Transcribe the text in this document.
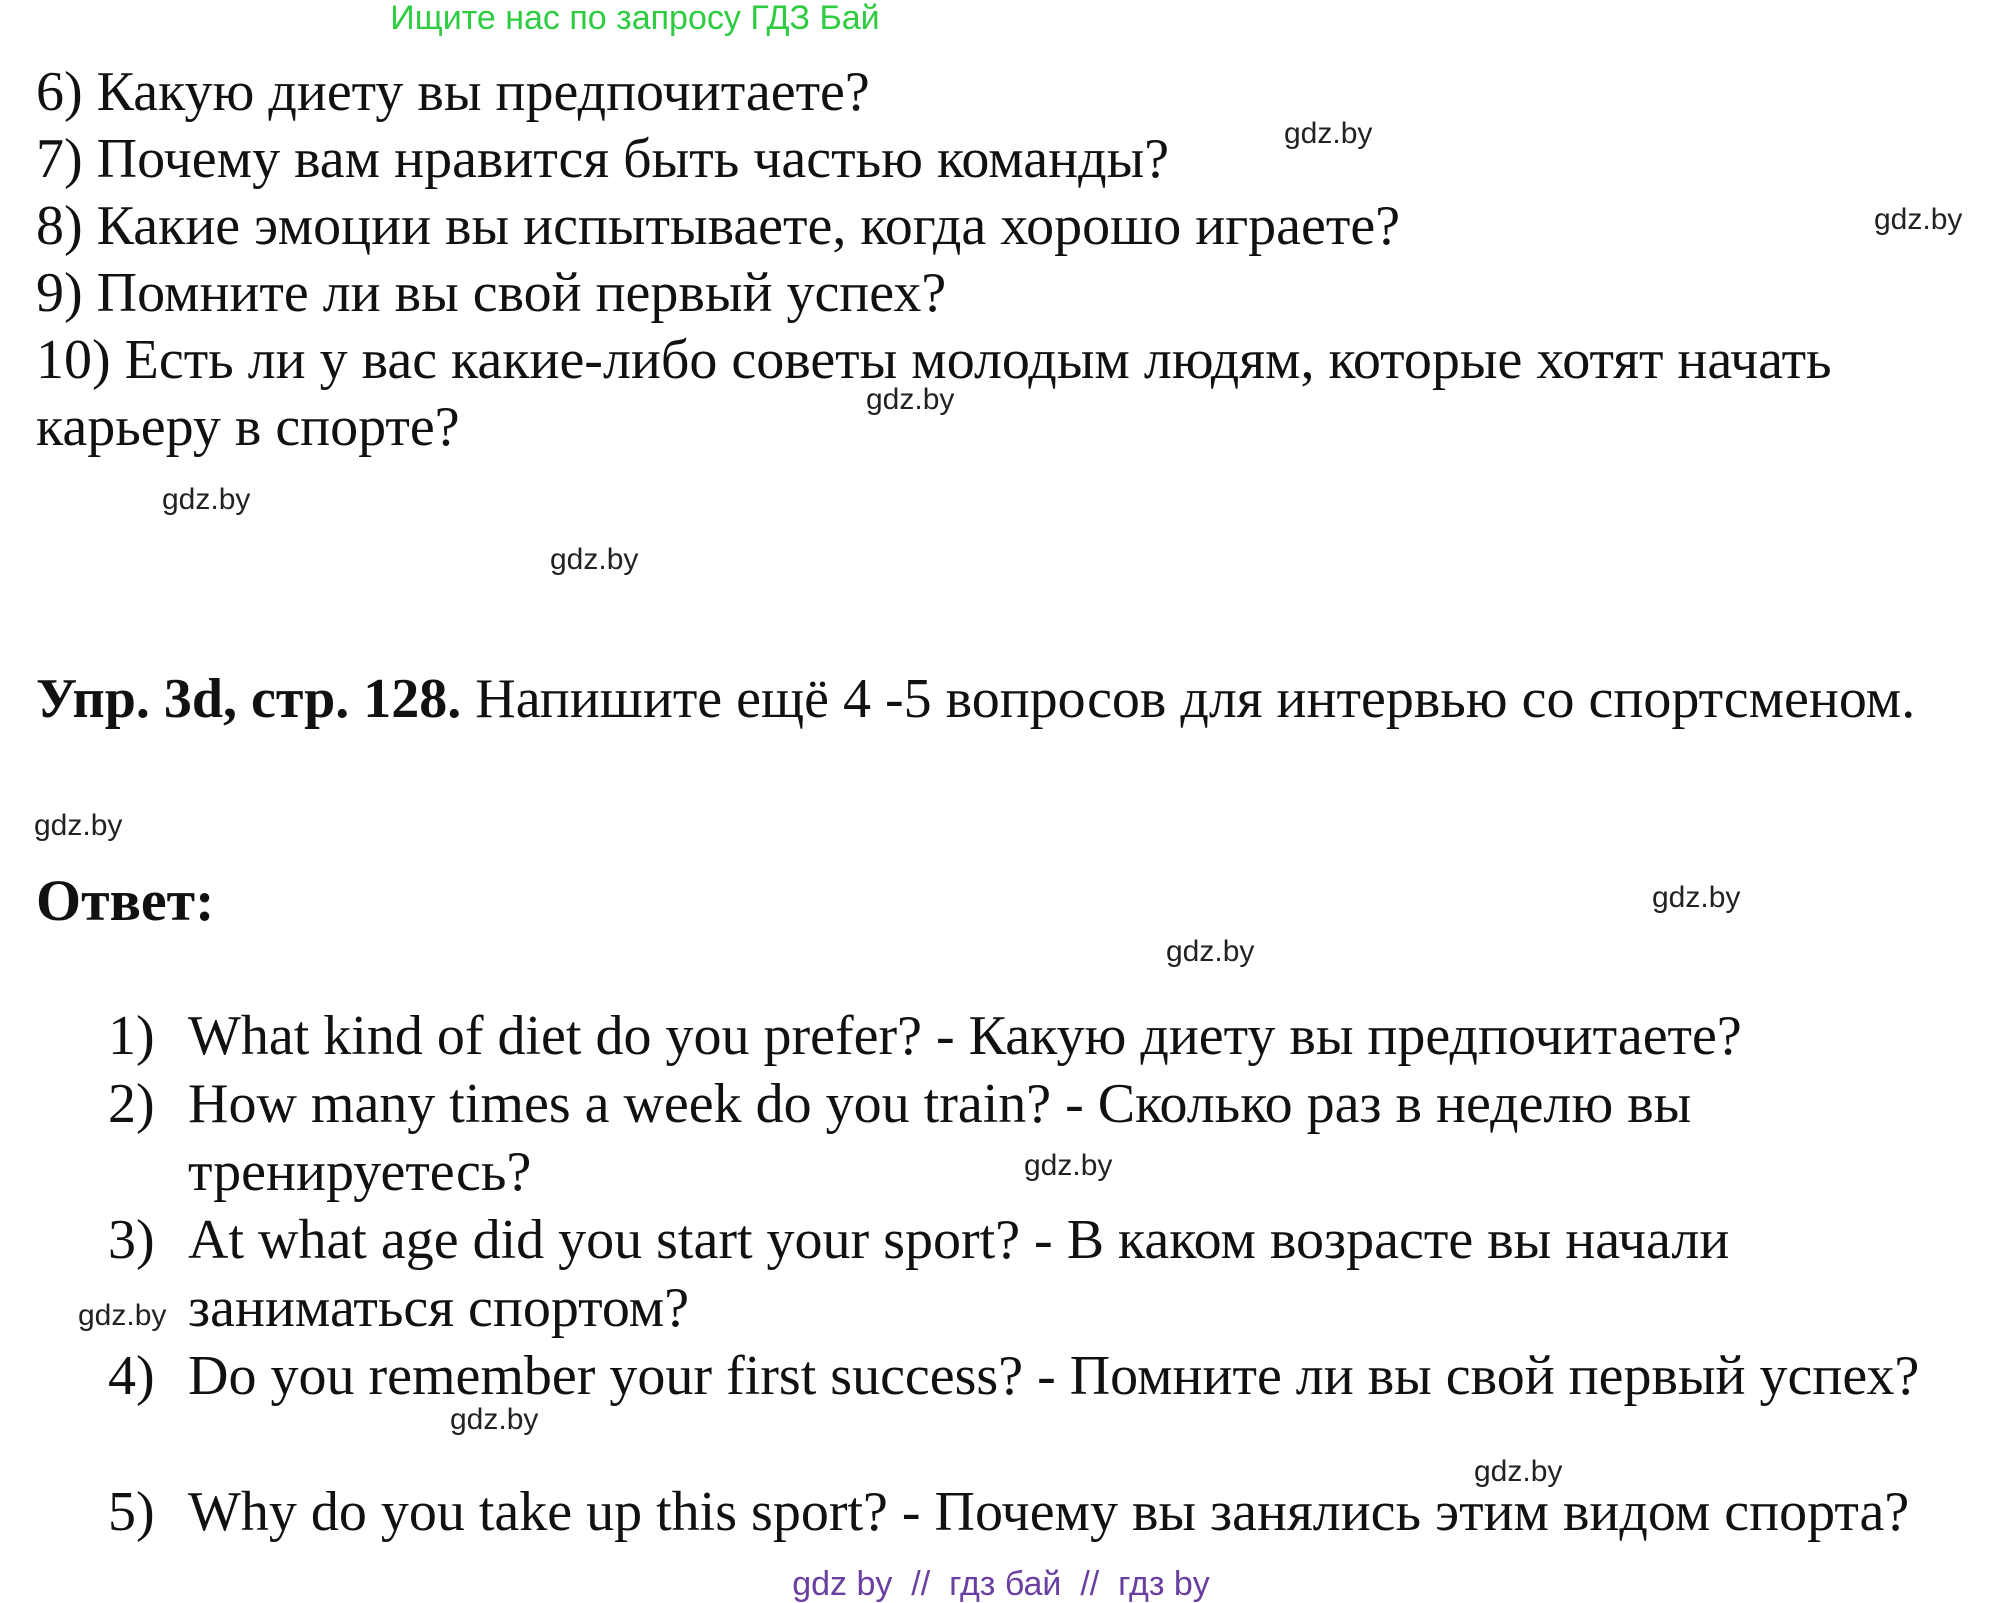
Ищите нас по запросу ГДЗ Бай
6) Какую диету вы предпочитаете?
7) Почему вам нравится быть частью команды?
8) Какие эмоции вы испытываете, когда хорошо играете?
9) Помните ли вы свой первый успех?
10) Есть ли у вас какие-либо советы молодым людям, которые хотят начать
карьеру в спорте?
gdz.by
gdz.by
gdz.by
gdz.by
gdz.by
gdz.by
gdz.by
gdz.by
gdz.by
gdz.by
gdz.by
gdz.by
Упр. 3d, стр. 128. Напишите ещё 4 -5 вопросов для интервью со спортсменом.
Ответ:
1) What kind of diet do you prefer? - Какую диету вы предпочитаете?
2) How many times a week do you train? - Сколько раз в неделю вы тренируетесь?
3) At what age did you start your sport? - В каком возрасте вы начали заниматься спортом?
4) Do you remember your first success? - Помните ли вы свой первый успех?
5) Why do you take up this sport? - Почему вы занялись этим видом спорта?
gdz by  //  гдз бай  //  гдз by
